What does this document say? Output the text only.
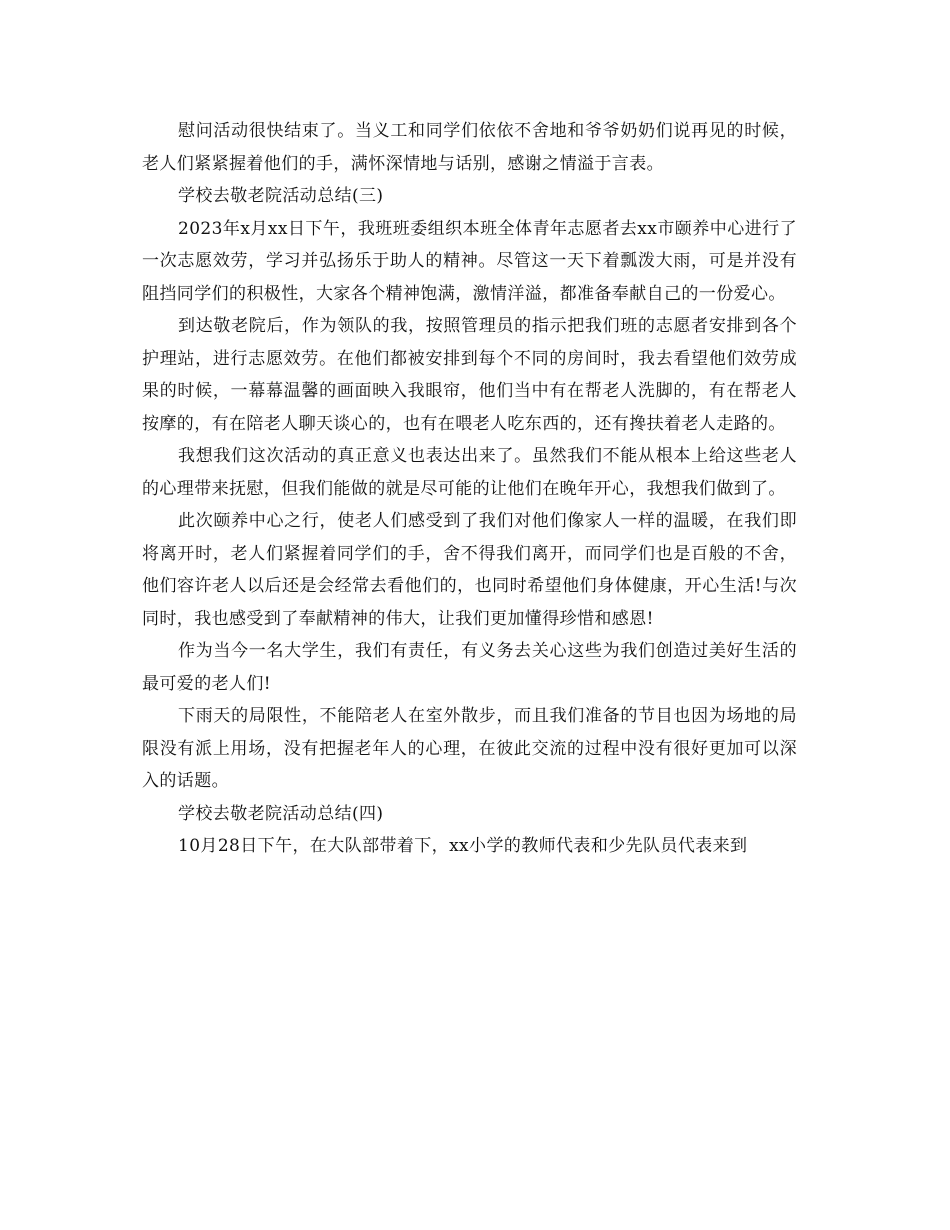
慰问活动很快结束了。当义工和同学们依依不舍地和爷爷奶奶们说再见的时候，老人们紧紧握着他们的手，满怀深情地与话别，感谢之情溢于言表。

学校去敬老院活动总结(三)

2023年x月xx日下午，我班班委组织本班全体青年志愿者去xx市颐养中心进行了一次志愿效劳，学习并弘扬乐于助人的精神。尽管这一天下着瓢泼大雨，可是并没有阻挡同学们的积极性，大家各个精神饱满，激情洋溢，都准备奉献自己的一份爱心。

到达敬老院后，作为领队的我，按照管理员的指示把我们班的志愿者安排到各个护理站，进行志愿效劳。在他们都被安排到每个不同的房间时，我去看望他们效劳成果的时候，一幕幕温馨的画面映入我眼帘，他们当中有在帮老人洗脚的，有在帮老人按摩的，有在陪老人聊天谈心的，也有在喂老人吃东西的，还有搀扶着老人走路的。

我想我们这次活动的真正意义也表达出来了。虽然我们不能从根本上给这些老人的心理带来抚慰，但我们能做的就是尽可能的让他们在晚年开心，我想我们做到了。

此次颐养中心之行，使老人们感受到了我们对他们像家人一样的温暖，在我们即将离开时，老人们紧握着同学们的手，舍不得我们离开，而同学们也是百般的不舍，他们容许老人以后还是会经常去看他们的，也同时希望他们身体健康，开心生活!与次同时，我也感受到了奉献精神的伟大，让我们更加懂得珍惜和感恩!

作为当今一名大学生，我们有责任，有义务去关心这些为我们创造过美好生活的最可爱的老人们!

下雨天的局限性，不能陪老人在室外散步，而且我们准备的节目也因为场地的局限没有派上用场，没有把握老年人的心理，在彼此交流的过程中没有很好更加可以深入的话题。

学校去敬老院活动总结(四)

10月28日下午，在大队部带着下，xx小学的教师代表和少先队员代表来到
